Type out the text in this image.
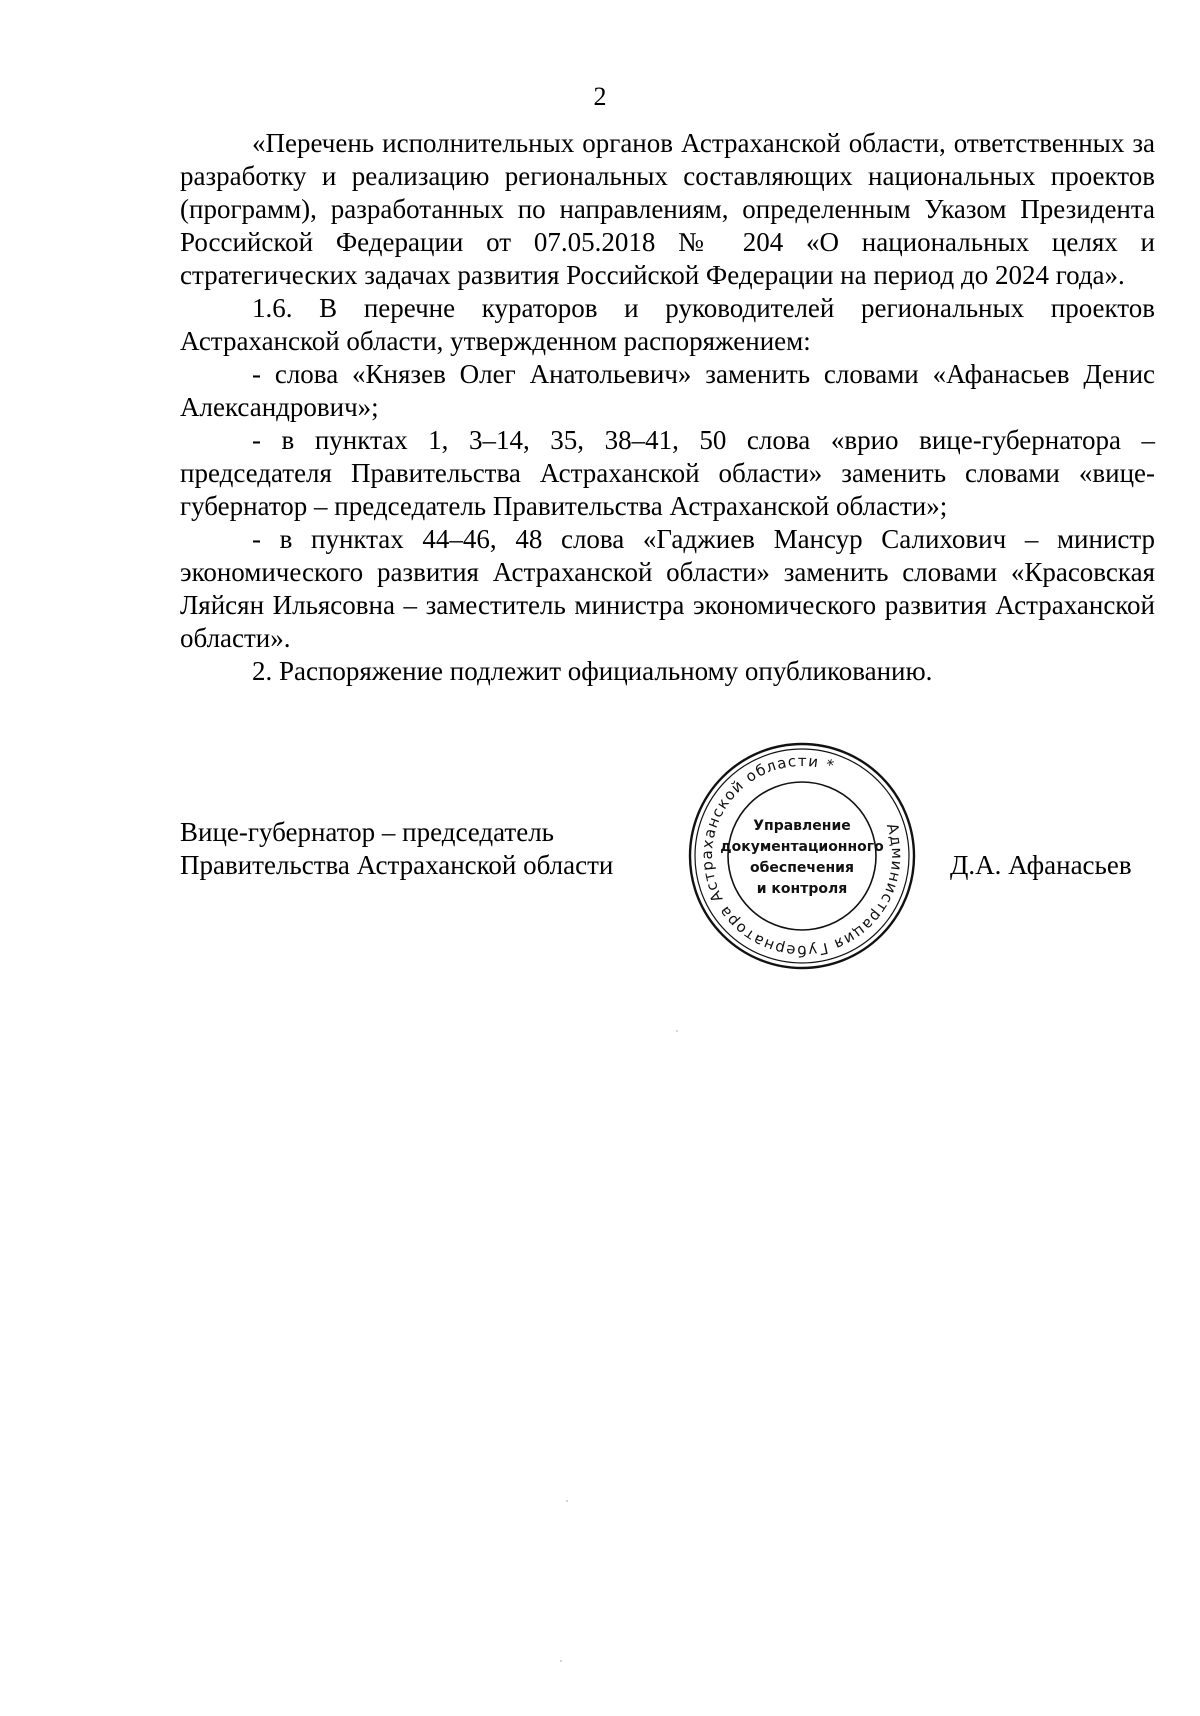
2

«Перечень исполнительных органов Астраханской области, ответственных за разработку и реализацию региональных составляющих национальных проектов (программ), разработанных по направлениям, определенным Указом Президента Российской Федерации от 07.05.2018 № 204 «О национальных целях и стратегических задачах развития Российской Федерации на период до 2024 года».

1.6. В перечне кураторов и руководителей региональных проектов Астраханской области, утвержденном распоряжением:

- слова «Князев Олег Анатольевич» заменить словами «Афанасьев Денис Александрович»;

- в пунктах 1, 3–14, 35, 38–41, 50 слова «врио вице-губернатора – председателя Правительства Астраханской области» заменить словами «вице-губернатор – председатель Правительства Астраханской области»;

- в пунктах 44–46, 48 слова «Гаджиев Мансур Салихович – министр экономического развития Астраханской области» заменить словами «Красовская Ляйсян Ильясовна – заместитель министра экономического развития Астраханской области».

2. Распоряжение подлежит официальному опубликованию.

Вице-губернатор – председатель
Правительства Астраханской области
Администрация Губернатора Астраханской области *
Управление
документационного
обеспечения
и контроля
Д.А. Афанасьев
